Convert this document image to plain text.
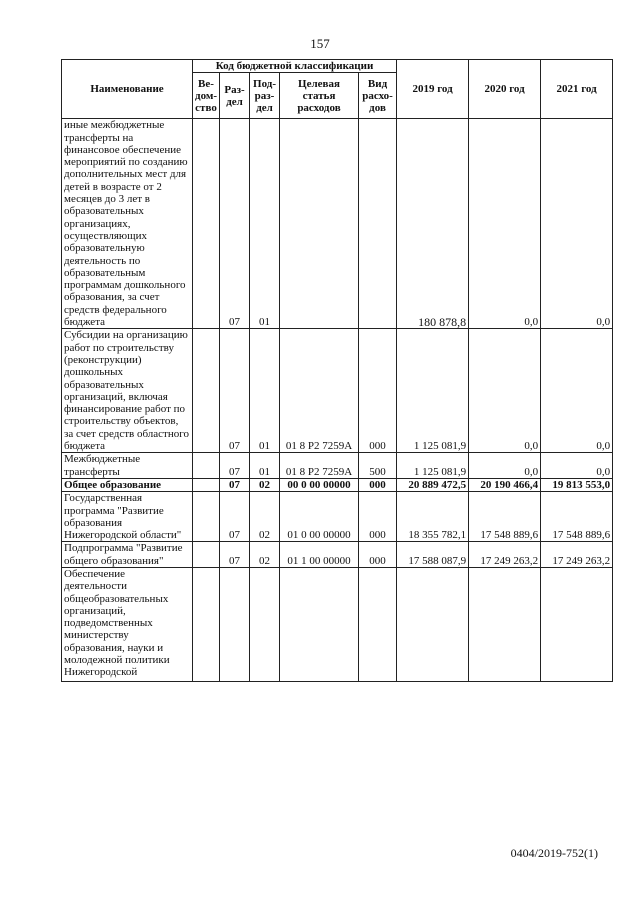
157
Наименование	Код бюджетной классификации					2019 год	2020 год	2021 год
	Ве-дом-ство	Раз-дел	Под-раз-дел	Целевая статья расходов	Вид расхо-дов			
иные межбюджетные трансферты на финансовое обеспечение мероприятий по созданию дополнительных мест для детей в возрасте от 2 месяцев до 3 лет в образовательных организациях, осуществляющих образовательную деятельность по образовательным программам дошкольного образования, за счет средств федерального бюджета		07	01			180 878,8	0,0	0,0
Субсидии на организацию работ по строительству (реконструкции) дошкольных образовательных организаций, включая финансирование работ по строительству объектов, за счет средств областного бюджета		07	01	01 8 P2 7259A	000	1 125 081,9	0,0	0,0
Межбюджетные трансферты		07	01	01 8 P2 7259A	500	1 125 081,9	0,0	0,0
Общее образование		07	02	00 0 00 00000	000	20 889 472,5	20 190 466,4	19 813 553,0
Государственная программа "Развитие образования Нижегородской области"		07	02	01 0 00 00000	000	18 355 782,1	17 548 889,6	17 548 889,6
Подпрограмма "Развитие общего образования"		07	02	01 1 00 00000	000	17 588 087,9	17 249 263,2	17 249 263,2
Обеспечение деятельности общеобразовательных организаций, подведомственных министерству образования, науки и молодежной политики Нижегородской								
0404/2019-752(1)
